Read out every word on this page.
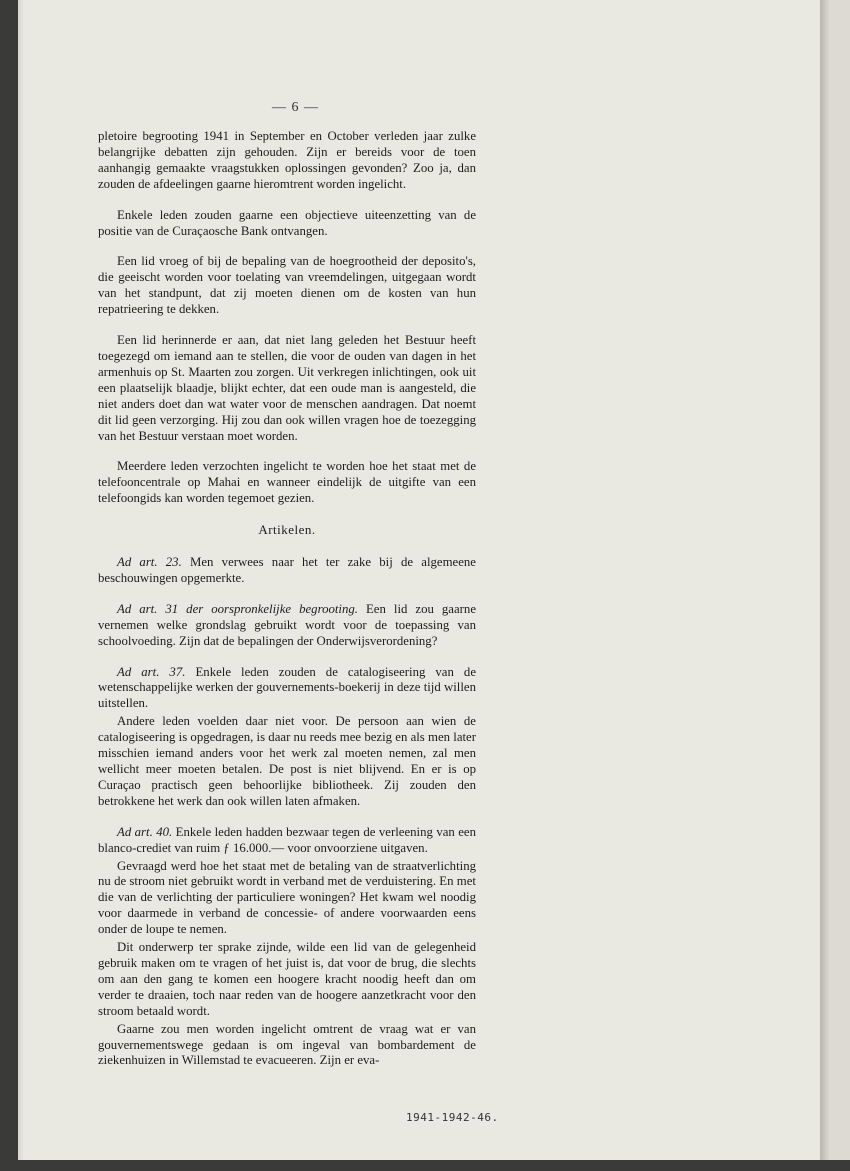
— 6 —

pletoire begrooting 1941 in September en October verleden jaar zulke belangrijke debatten zijn gehouden. Zijn er bereids voor de toen aanhangig gemaakte vraagstukken oplossingen gevonden? Zoo ja, dan zouden de afdeelingen gaarne hieromtrent worden ingelicht.

Enkele leden zouden gaarne een objectieve uiteenzetting van de positie van de Curaçaosche Bank ontvangen.

Een lid vroeg of bij de bepaling van de hoegrootheid der deposito's, die geeischt worden voor toelating van vreemdelingen, uitgegaan wordt van het standpunt, dat zij moeten dienen om de kosten van hun repatrieering te dekken.

Een lid herinnerde er aan, dat niet lang geleden het Bestuur heeft toegezegd om iemand aan te stellen, die voor de ouden van dagen in het armenhuis op St. Maarten zou zorgen. Uit verkregen inlichtingen, ook uit een plaatselijk blaadje, blijkt echter, dat een oude man is aangesteld, die niet anders doet dan wat water voor de menschen aandragen. Dat noemt dit lid geen verzorging. Hij zou dan ook willen vragen hoe de toezegging van het Bestuur verstaan moet worden.

Meerdere leden verzochten ingelicht te worden hoe het staat met de telefooncentrale op Mahai en wanneer eindelijk de uitgifte van een telefoongids kan worden tegemoet gezien.

Artikelen.

Ad art. 23. Men verwees naar het ter zake bij de algemeene beschouwingen opgemerkte.

Ad art. 31 der oorspronkelijke begrooting. Een lid zou gaarne vernemen welke grondslag gebruikt wordt voor de toepassing van schoolvoeding. Zijn dat de bepalingen der Onderwijsverordening?

Ad art. 37. Enkele leden zouden de catalogiseering van de wetenschappelijke werken der gouvernements-boekerij in deze tijd willen uitstellen.

Andere leden voelden daar niet voor. De persoon aan wien de catalogiseering is opgedragen, is daar nu reeds mee bezig en als men later misschien iemand anders voor het werk zal moeten nemen, zal men wellicht meer moeten betalen. De post is niet blijvend. En er is op Curaçao practisch geen behoorlijke bibliotheek. Zij zouden den betrokkene het werk dan ook willen laten afmaken.

Ad art. 40. Enkele leden hadden bezwaar tegen de verleening van een blanco-crediet van ruim ƒ 16.000.— voor onvoorziene uitgaven.

Gevraagd werd hoe het staat met de betaling van de straatverlichting nu de stroom niet gebruikt wordt in verband met de verduistering. En met die van de verlichting der particuliere woningen? Het kwam wel noodig voor daarmede in verband de concessie- of andere voorwaarden eens onder de loupe te nemen.

Dit onderwerp ter sprake zijnde, wilde een lid van de gelegenheid gebruik maken om te vragen of het juist is, dat voor de brug, die slechts om aan den gang te komen een hoogere kracht noodig heeft dan om verder te draaien, toch naar reden van de hoogere aanzetkracht voor den stroom betaald wordt.

Gaarne zou men worden ingelicht omtrent de vraag wat er van gouvernementswege gedaan is om ingeval van bombardement de ziekenhuizen in Willemstad te evacueeren. Zijn er eva-

1941-1942-46.
